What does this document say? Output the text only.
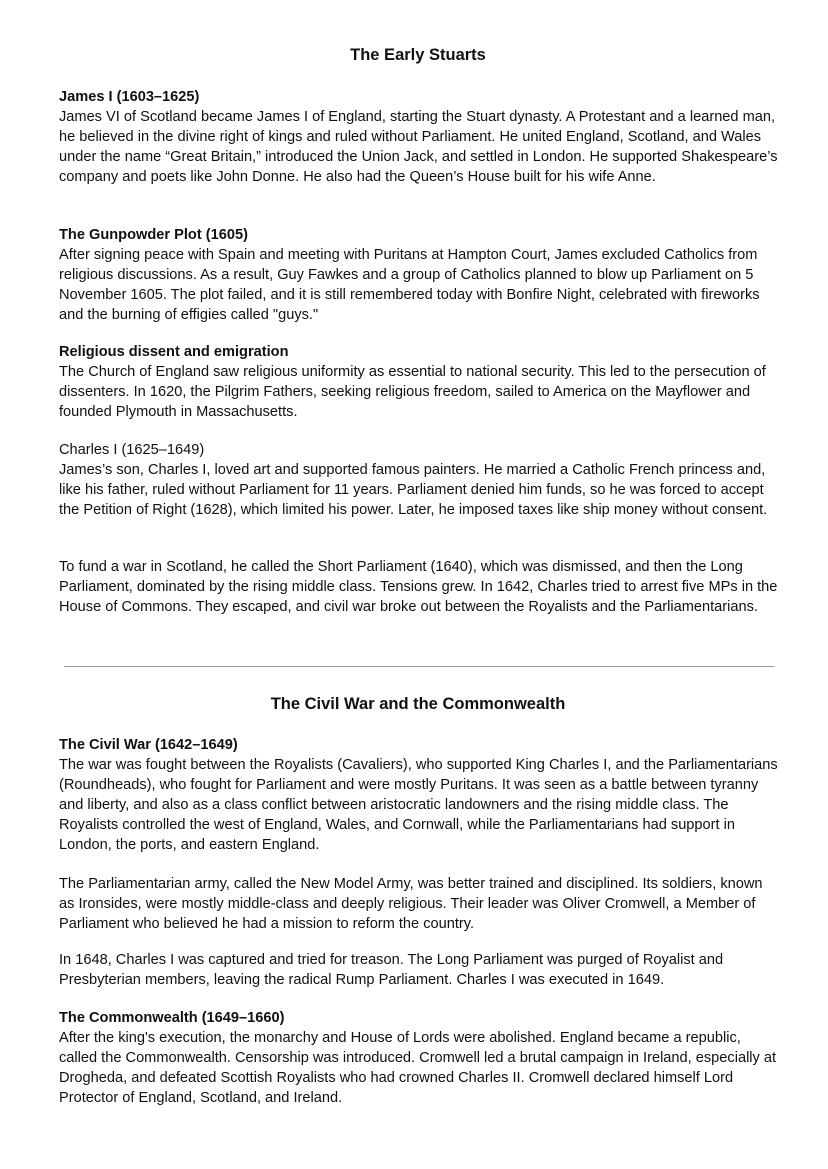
The Early Stuarts
James I (1603–1625)

James VI of Scotland became James I of England, starting the Stuart dynasty. A Protestant and a learned man, he believed in the divine right of kings and ruled without Parliament. He united England, Scotland, and Wales under the name “Great Britain,” introduced the Union Jack, and settled in London. He supported Shakespeare’s company and poets like John Donne. He also had the Queen’s House built for his wife Anne.

The Gunpowder Plot (1605)

After signing peace with Spain and meeting with Puritans at Hampton Court, James excluded Catholics from religious discussions. As a result, Guy Fawkes and a group of Catholics planned to blow up Parliament on 5 November 1605. The plot failed, and it is still remembered today with Bonfire Night, celebrated with fireworks and the burning of effigies called "guys."

Religious dissent and emigration

The Church of England saw religious uniformity as essential to national security. This led to the persecution of dissenters. In 1620, the Pilgrim Fathers, seeking religious freedom, sailed to America on the Mayflower and founded Plymouth in Massachusetts.

Charles I (1625–1649)

James’s son, Charles I, loved art and supported famous painters. He married a Catholic French princess and, like his father, ruled without Parliament for 11 years. Parliament denied him funds, so he was forced to accept the Petition of Right (1628), which limited his power. Later, he imposed taxes like ship money without consent.

To fund a war in Scotland, he called the Short Parliament (1640), which was dismissed, and then the Long Parliament, dominated by the rising middle class. Tensions grew. In 1642, Charles tried to arrest five MPs in the House of Commons. They escaped, and civil war broke out between the Royalists and the Parliamentarians.

The Civil War and the Commonwealth
The Civil War (1642–1649)

The war was fought between the Royalists (Cavaliers), who supported King Charles I, and the Parliamentarians (Roundheads), who fought for Parliament and were mostly Puritans. It was seen as a battle between tyranny and liberty, and also as a class conflict between aristocratic landowners and the rising middle class. The Royalists controlled the west of England, Wales, and Cornwall, while the Parliamentarians had support in London, the ports, and eastern England.

The Parliamentarian army, called the New Model Army, was better trained and disciplined. Its soldiers, known as Ironsides, were mostly middle-class and deeply religious. Their leader was Oliver Cromwell, a Member of Parliament who believed he had a mission to reform the country.

In 1648, Charles I was captured and tried for treason. The Long Parliament was purged of Royalist and Presbyterian members, leaving the radical Rump Parliament. Charles I was executed in 1649.

The Commonwealth (1649–1660)

After the king's execution, the monarchy and House of Lords were abolished. England became a republic, called the Commonwealth. Censorship was introduced. Cromwell led a brutal campaign in Ireland, especially at Drogheda, and defeated Scottish Royalists who had crowned Charles II. Cromwell declared himself Lord Protector of England, Scotland, and Ireland.
